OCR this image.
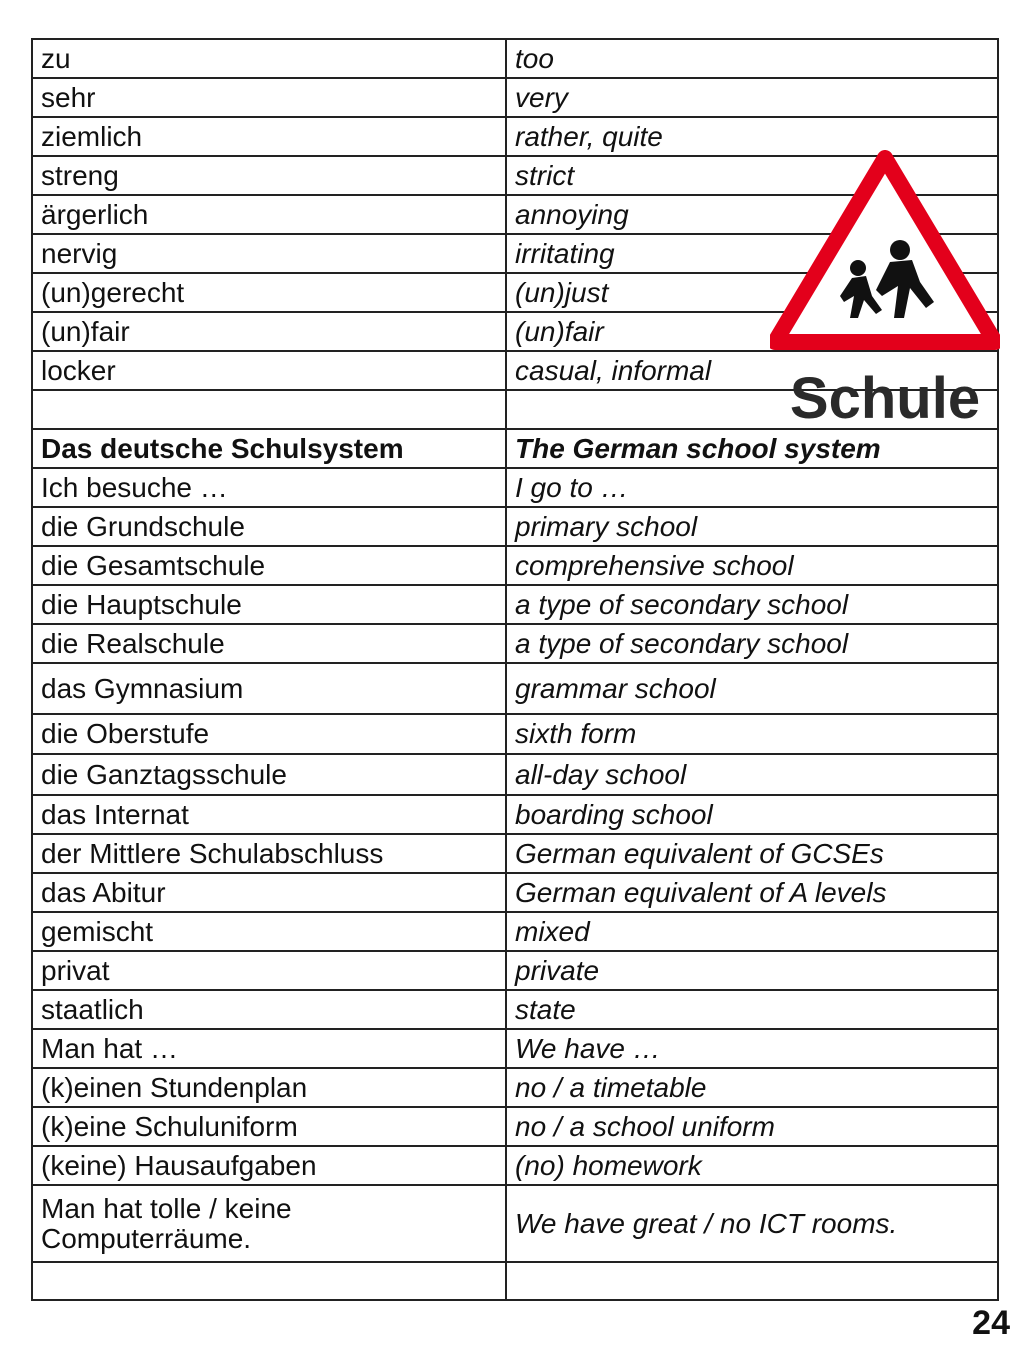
zu	too
sehr	very
ziemlich	rather, quite
streng	strict
ärgerlich	annoying
nervig	irritating
(un)gerecht	(un)just
(un)fair	(un)fair
locker	casual, informal

Das deutsche Schulsystem	The German school system
Ich besuche …	I go to …
die Grundschule	primary school
die Gesamtschule	comprehensive school
die Hauptschule	a type of secondary school
die Realschule	a type of secondary school
das Gymnasium	grammar school
die Oberstufe	sixth form
die Ganztagsschule	all-day school
das Internat	boarding school
der Mittlere Schulabschluss	German equivalent of GCSEs
das Abitur	German equivalent of A levels
gemischt	mixed
privat	private
staatlich	state
Man hat …	We have …
(k)einen Stundenplan	no / a timetable
(k)eine Schuluniform	no / a school uniform
(keine) Hausaufgaben	(no) homework
Man hat tolle / keine Computerräume.	We have great / no ICT rooms.

Schule
24
